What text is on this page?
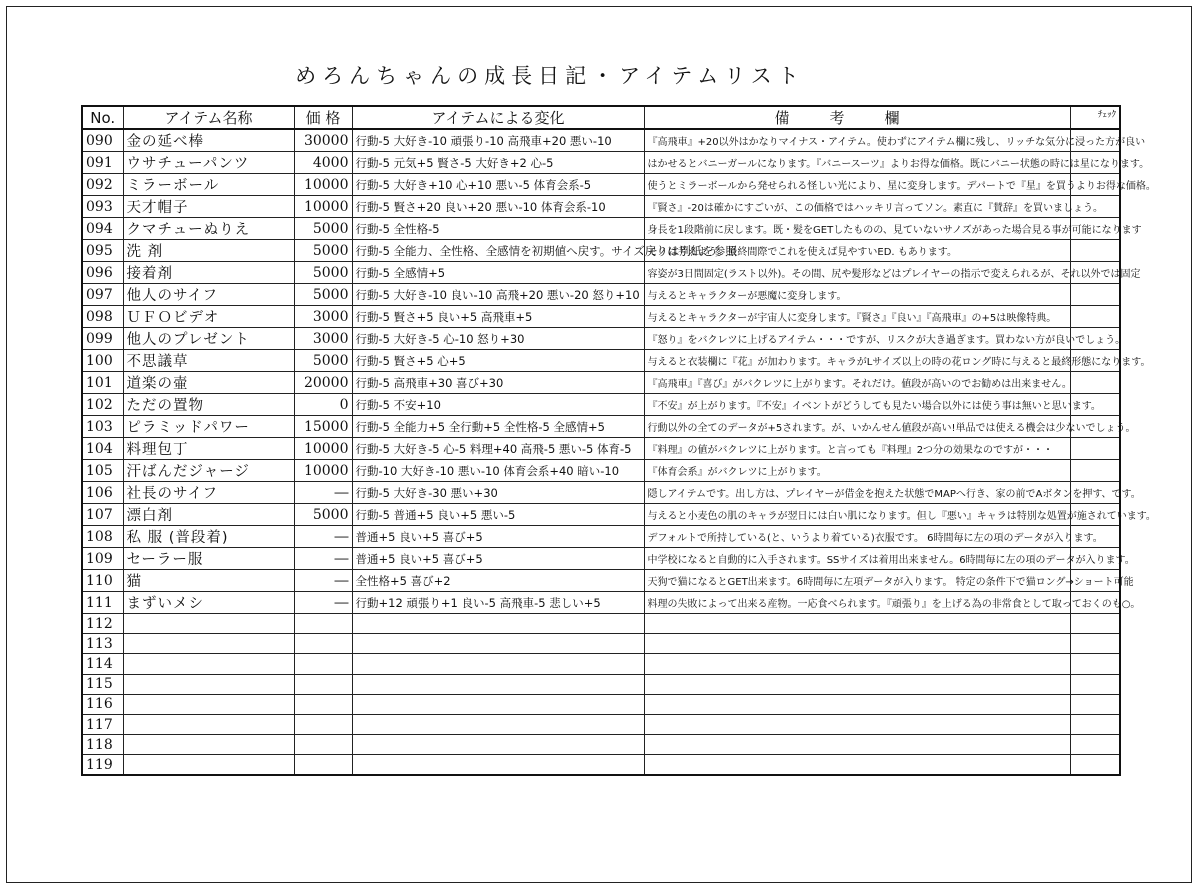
めろんちゃんの成長日記・アイテムリスト
No.	アイテム名称	価 格	アイテムによる変化	備考欄	ﾁｪｯｸ
090	金の延べ棒	30000	行動-5 大好き-10 頑張り-10 高飛車+20 悪い-10	『高飛車』+20以外はかなりマイナス・アイテム。使わずにアイテム欄に残し、リッチな気分に浸った方が良い	
091	ウサチューパンツ	4000	行動-5 元気+5 賢さ-5 大好き+2 心-5	はかせるとバニーガールになります。『バニースーツ』よりお得な価格。既にバニー状態の時には星になります。	
092	ミラーボール	10000	行動-5 大好き+10 心+10 悪い-5 体育会系-5	使うとミラーボールから発せられる怪しい光により、星に変身します。デパートで『星』を買うよりお得な価格。	
093	天才帽子	10000	行動-5 賢さ+20 良い+20 悪い-10 体育会系-10	『賢さ』-20は確かにすごいが、この価格ではハッキリ言ってソン。素直に『賛辞』を買いましょう。	
094	クマチューぬりえ	5000	行動-5 全性格-5	身長を1段階前に戻します。既・髪をGETしたものの、見ていないサノズがあった場合見る事が可能になります	
095	洗 剤	5000	行動-5 全能力、全性格、全感情を初期値へ戻す。サイズ戻りは別紙を参照	モノは考えよう。最終間際でこれを使えば見やすいED. もあります。	
096	接着剤	5000	行動-5 全感情+5	容姿が3日間固定(ラスト以外)。その間、尻や髪形などはプレイヤーの指示で変えられるが、それ以外では固定	
097	他人のサイフ	5000	行動-5 大好き-10 良い-10 高飛+20 悪い-20 怒り+10	与えるとキャラクターが悪魔に変身します。	
098	ＵＦＯビデオ	3000	行動-5 賢さ+5 良い+5 高飛車+5	与えるとキャラクターが宇宙人に変身します。『賢さ』『良い』『高飛車』の+5は映像特典。	
099	他人のプレゼント	3000	行動-5 大好き-5 心-10 怒り+30	『怒り』をバクレツに上げるアイテム・・・ですが、リスクが大き過ぎます。買わない方が良いでしょう。	
100	不思議草	5000	行動-5 賢さ+5 心+5	与えると衣装欄に『花』が加わります。キャラがLサイズ以上の時の花ロング時に与えると最終形態になります。	
101	道楽の壷	20000	行動-5 高飛車+30 喜び+30	『高飛車』『喜び』がバクレツに上がります。それだけ。値段が高いのでお勧めは出来ません。	
102	ただの置物	0	行動-5 不安+10	『不安』が上がります。『不安』イベントがどうしても見たい場合以外には使う事は無いと思います。	
103	ピラミッドパワー	15000	行動-5 全能力+5 全行動+5 全性格-5 全感情+5	行動以外の全てのデータが+5されます。が、いかんせん値段が高い!単品では使える機会は少ないでしょう。	
104	料理包丁	10000	行動-5 大好き-5 心-5 料理+40 高飛-5 悪い-5 体育-5	『料理』の値がバクレツに上がります。と言っても『料理』2つ分の効果なのですが・・・	
105	汗ばんだジャージ	10000	行動-10 大好き-10 悪い-10 体育会系+40 暗い-10	『体育会系』がバクレツに上がります。	
106	社長のサイフ	―	行動-5 大好き-30 悪い+30	隠しアイテムです。出し方は、プレイヤーが借金を抱えた状態でMAPへ行き、家の前でAボタンを押す、です。	
107	漂白剤	5000	行動-5 普通+5 良い+5 悪い-5	与えると小麦色の肌のキャラが翌日には白い肌になります。但し『悪い』キャラは特別な処置が施されています。	
108	私 服 (普段着)	―	普通+5 良い+5 喜び+5	デフォルトで所持している(と、いうより着ている)衣服です。 6時間毎に左の項のデータが入ります。	
109	セーラー服	―	普通+5 良い+5 喜び+5	中学校になると自動的に入手されます。SSサイズは着用出来ません。6時間毎に左の項のデータが入ります。	
110	猫	―	全性格+5 喜び+2	天狗で猫になるとGET出来ます。6時間毎に左項データが入ります。 特定の条件下で猫ロング→ショート可能	
111	まずいメシ	―	行動+12 頑張り+1 良い-5 高飛車-5 悲しい+5	料理の失敗によって出来る産物。一応食べられます。『頑張り』を上げる為の非常食として取っておくのも○。	
112					
113					
114					
115					
116					
117					
118					
119					
